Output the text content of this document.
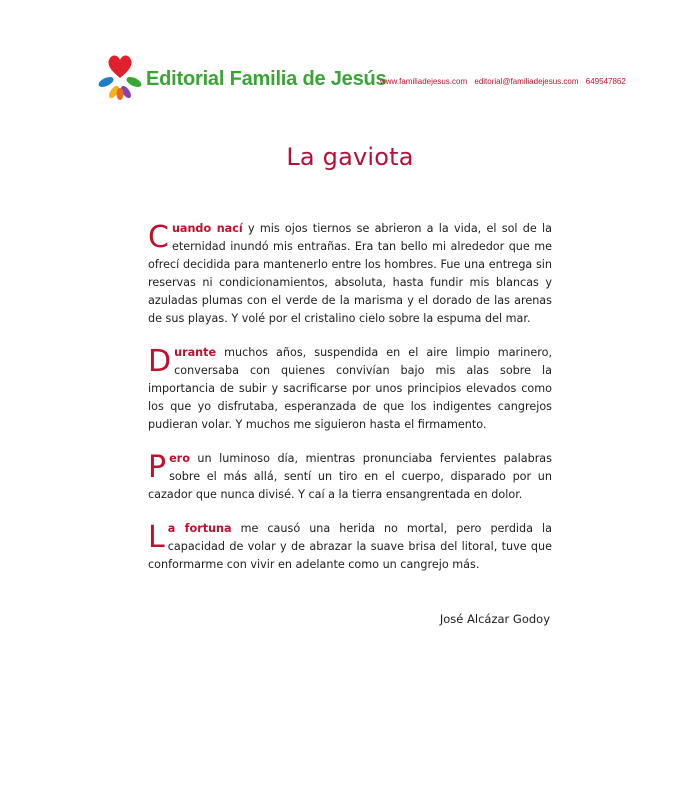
Editorial Familia de Jesús
www.familiadejesus.com editorial@familiadejesus.com 649547862
La gaviota

Cuando nací y mis ojos tiernos se abrieron a la vida, el sol de la eternidad inundó mis entrañas. Era tan bello mi alrededor que me ofrecí decidida para mantenerlo entre los hombres. Fue una entrega sin reservas ni condicionamientos, absoluta, hasta fundir mis blancas y azuladas plumas con el verde de la marisma y el dorado de las arenas de sus playas. Y volé por el cristalino cielo sobre la espuma del mar.

Durante muchos años, suspendida en el aire limpio marinero, conversaba con quienes convivían bajo mis alas sobre la importancia de subir y sacrificarse por unos principios elevados como los que yo disfrutaba, esperanzada de que los indigentes cangrejos pudieran volar. Y muchos me siguieron hasta el firmamento.

Pero un luminoso día, mientras pronunciaba fervientes palabras sobre el más allá, sentí un tiro en el cuerpo, disparado por un cazador que nunca divisé. Y caí a la tierra ensangrentada en dolor.

La fortuna me causó una herida no mortal, pero perdida la capacidad de volar y de abrazar la suave brisa del litoral, tuve que conformarme con vivir en adelante como un cangrejo más.

José Alcázar Godoy
